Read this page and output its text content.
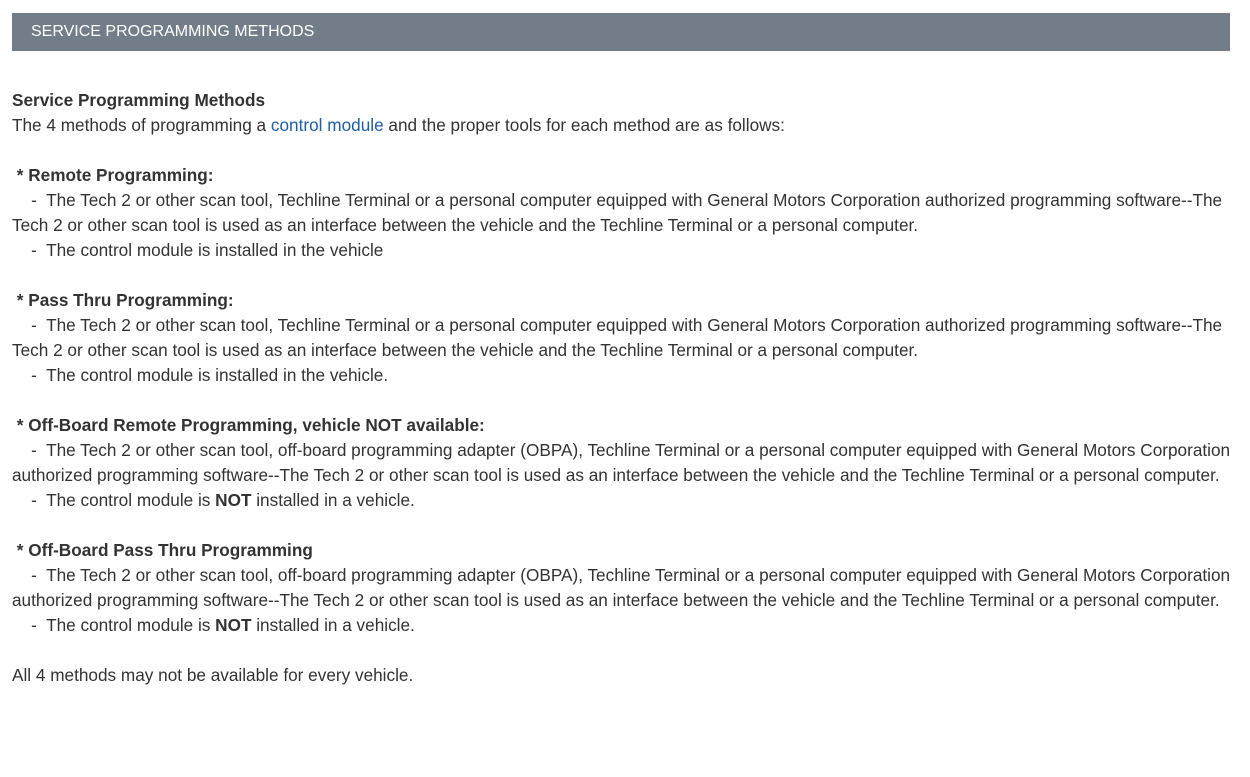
SERVICE PROGRAMMING METHODS
Service Programming Methods
The 4 methods of programming a control module and the proper tools for each method are as follows:
* Remote Programming:
-  The Tech 2 or other scan tool, Techline Terminal or a personal computer equipped with General Motors Corporation authorized programming software--The Tech 2 or other scan tool is used as an interface between the vehicle and the Techline Terminal or a personal computer.
-  The control module is installed in the vehicle
* Pass Thru Programming:
-  The Tech 2 or other scan tool, Techline Terminal or a personal computer equipped with General Motors Corporation authorized programming software--The Tech 2 or other scan tool is used as an interface between the vehicle and the Techline Terminal or a personal computer.
-  The control module is installed in the vehicle.
* Off-Board Remote Programming, vehicle NOT available:
-  The Tech 2 or other scan tool, off-board programming adapter (OBPA), Techline Terminal or a personal computer equipped with General Motors Corporation authorized programming software--The Tech 2 or other scan tool is used as an interface between the vehicle and the Techline Terminal or a personal computer.
-  The control module is NOT installed in a vehicle.
* Off-Board Pass Thru Programming
-  The Tech 2 or other scan tool, off-board programming adapter (OBPA), Techline Terminal or a personal computer equipped with General Motors Corporation authorized programming software--The Tech 2 or other scan tool is used as an interface between the vehicle and the Techline Terminal or a personal computer.
-  The control module is NOT installed in a vehicle.
All 4 methods may not be available for every vehicle.
